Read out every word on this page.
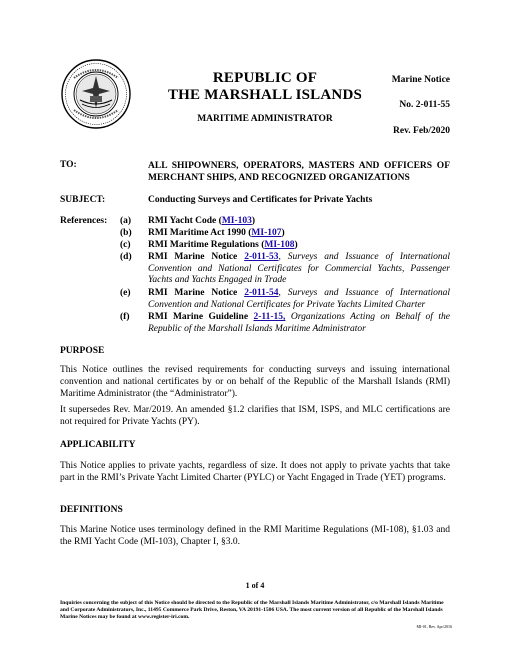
REPUBLIC OF
THE MARSHALL ISLANDS
MARITIME ADMINISTRATOR
Marine Notice
No. 2-011-55
Rev. Feb/2020
TO:	ALL SHIPOWNERS, OPERATORS, MASTERS AND OFFICERS OF MERCHANT SHIPS, AND RECOGNIZED ORGANIZATIONS
SUBJECT:	Conducting Surveys and Certificates for Private Yachts
References: (a) RMI Yacht Code (MI-103)
(b) RMI Maritime Act 1990 (MI-107)
(c) RMI Maritime Regulations (MI-108)
(d) RMI Marine Notice 2-011-53, Surveys and Issuance of International Convention and National Certificates for Commercial Yachts, Passenger Yachts and Yachts Engaged in Trade
(e) RMI Marine Notice 2-011-54, Surveys and Issuance of International Convention and National Certificates for Private Yachts Limited Charter
(f) RMI Marine Guideline 2-11-15, Organizations Acting on Behalf of the Republic of the Marshall Islands Maritime Administrator
PURPOSE
This Notice outlines the revised requirements for conducting surveys and issuing international convention and national certificates by or on behalf of the Republic of the Marshall Islands (RMI) Maritime Administrator (the “Administrator”).
It supersedes Rev. Mar/2019. An amended §1.2 clarifies that ISM, ISPS, and MLC certifications are not required for Private Yachts (PY).
APPLICABILITY
This Notice applies to private yachts, regardless of size. It does not apply to private yachts that take part in the RMI’s Private Yacht Limited Charter (PYLC) or Yacht Engaged in Trade (YET) programs.
DEFINITIONS
This Marine Notice uses terminology defined in the RMI Maritime Regulations (MI-108), §1.03 and the RMI Yacht Code (MI-103), Chapter I, §3.0.
1 of 4
Inquiries concerning the subject of this Notice should be directed to the Republic of the Marshall Islands Maritime Administrator, c/o Marshall Islands Maritime and Corporate Administrators, Inc., 11495 Commerce Park Drive, Reston, VA 20191-1506 USA. The most current version of all Republic of the Marshall Islands Marine Notices may be found at www.register-iri.com.
MI-01, Rev. Apr/2016
